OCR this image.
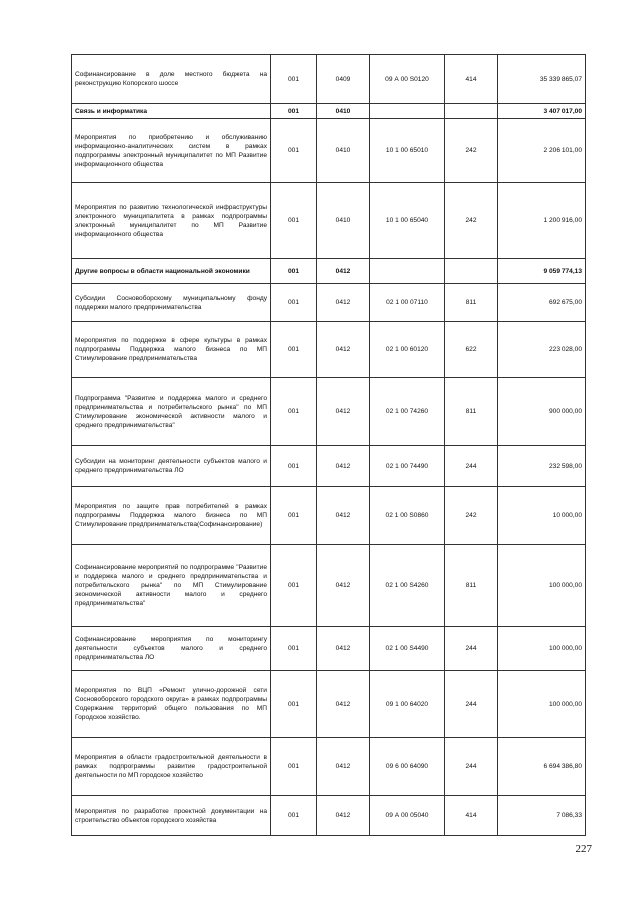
Софинансирование в доле местного бюджета на реконструкцию Копорского шоссе	001	0409	09 А 00 S0120	414	35 339 865,07
Связь и информатика	001	0410			3 407 017,00
Мероприятия по приобретению и обслуживанию информационно-аналитических систем в рамках подпрограммы электронный муниципалитет по МП Развитие информационного общества	001	0410	10 1 00 65010	242	2 206 101,00
Мероприятия по развитию технологической инфраструктуры электронного муниципалитета в рамках подпрограммы электронный муниципалитет по МП Развитие информационного общества	001	0410	10 1 00 65040	242	1 200 916,00
Другие вопросы в области национальной экономики	001	0412			9 059 774,13
Субсидии Сосновоборскому муниципальному фонду поддержки малого предпринимательства	001	0412	02 1 00 07110	811	692 675,00
Мероприятия по поддержке в сфере культуры в рамках подпрограммы Поддержка малого бизнеса по МП Стимулирование предпринимательства	001	0412	02 1 00 60120	622	223 028,00
Подпрограмма "Развитие и поддержка малого и среднего предпринимательства и потребительского рынка" по МП Стимулирование экономической активности малого и среднего предпринимательства"	001	0412	02 1 00 74260	811	900 000,00
Субсидии на мониторинг деятельности субъектов малого и среднего предпринимательства ЛО	001	0412	02 1 00 74490	244	232 598,00
Мероприятия по защите прав потребителей в рамках подпрограммы Поддержка малого бизнеса по МП Стимулирование предпринимательства(Софинансирование)	001	0412	02 1 00 S0860	242	10 000,00
Софинансирование мероприятий по подпрограмме "Развитие и поддержка малого и среднего предпринимательства и потребительского рынка" по МП Стимулирование экономической активности малого и среднего предпринимательства"	001	0412	02 1 00 S4260	811	100 000,00
Софинансирование мероприятия по мониторингу деятельности субъектов малого и среднего предпринимательства ЛО	001	0412	02 1 00 S4490	244	100 000,00
Мероприятия по ВЦП «Ремонт улично-дорожной сети Сосновоборского городского округа» в рамках подпрограммы Содержание территорий общего пользования по МП Городское хозяйство.	001	0412	09 1 00 64020	244	100 000,00
Мероприятия в области градостроительной деятельности в рамках подпрограммы развитие градостроительной деятельности по МП городское хозяйство	001	0412	09 6 00 64090	244	6 694 386,80
Мероприятия по разработке проектной документации на строительство объектов городского хозяйства	001	0412	09 А 00 05040	414	7 086,33
227
